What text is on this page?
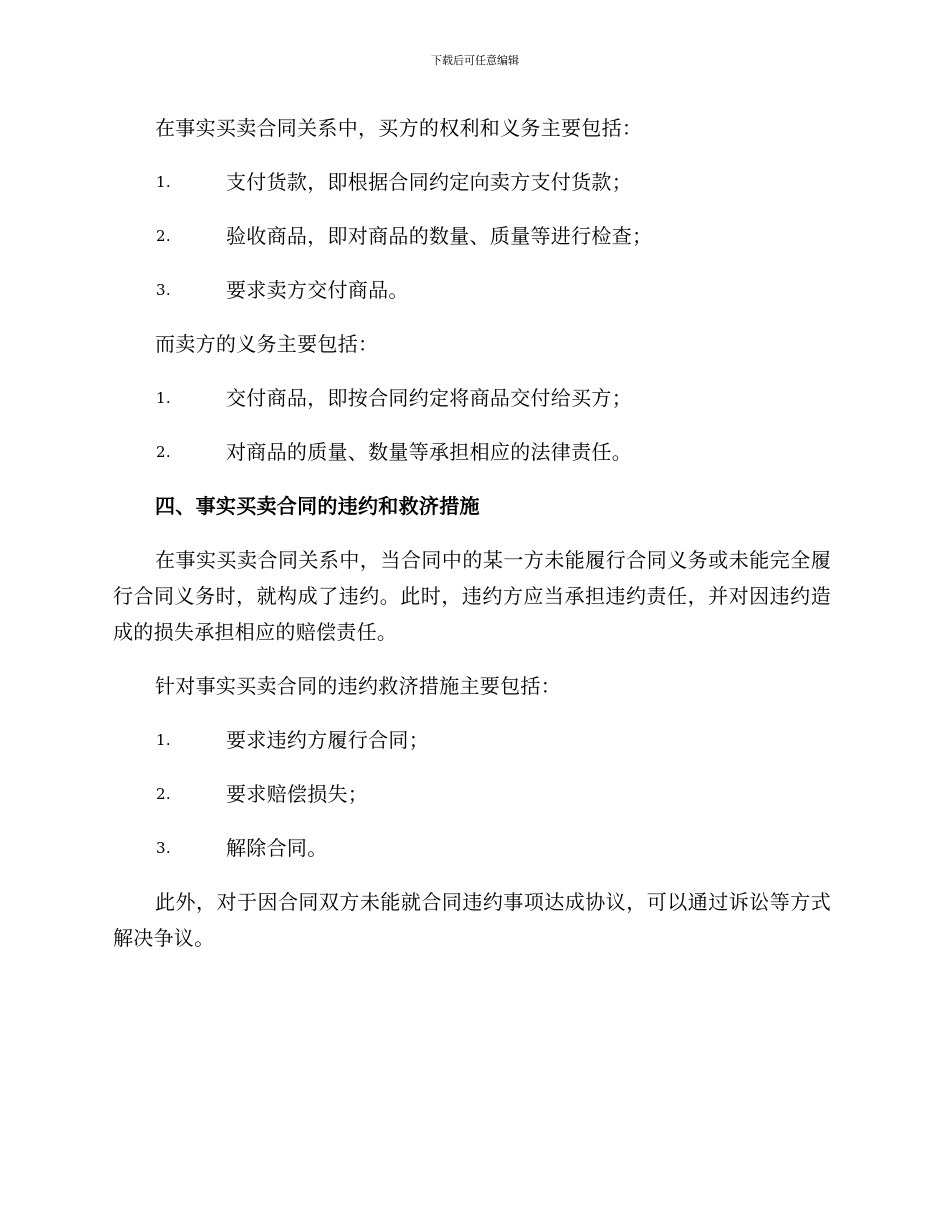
下载后可任意编辑

在事实买卖合同关系中，买方的权利和义务主要包括：

1.	支付货款，即根据合同约定向卖方支付货款；
2.	验收商品，即对商品的数量、质量等进行检查；
3.	要求卖方交付商品。

而卖方的义务主要包括：

1.	交付商品，即按合同约定将商品交付给买方；
2.	对商品的质量、数量等承担相应的法律责任。

四、事实买卖合同的违约和救济措施

在事实买卖合同关系中，当合同中的某一方未能履行合同义务或未能完全履行合同义务时，就构成了违约。此时，违约方应当承担违约责任，并对因违约造成的损失承担相应的赔偿责任。

针对事实买卖合同的违约救济措施主要包括：

1.	要求违约方履行合同；
2.	要求赔偿损失；
3.	解除合同。

此外，对于因合同双方未能就合同违约事项达成协议，可以通过诉讼等方式解决争议。
